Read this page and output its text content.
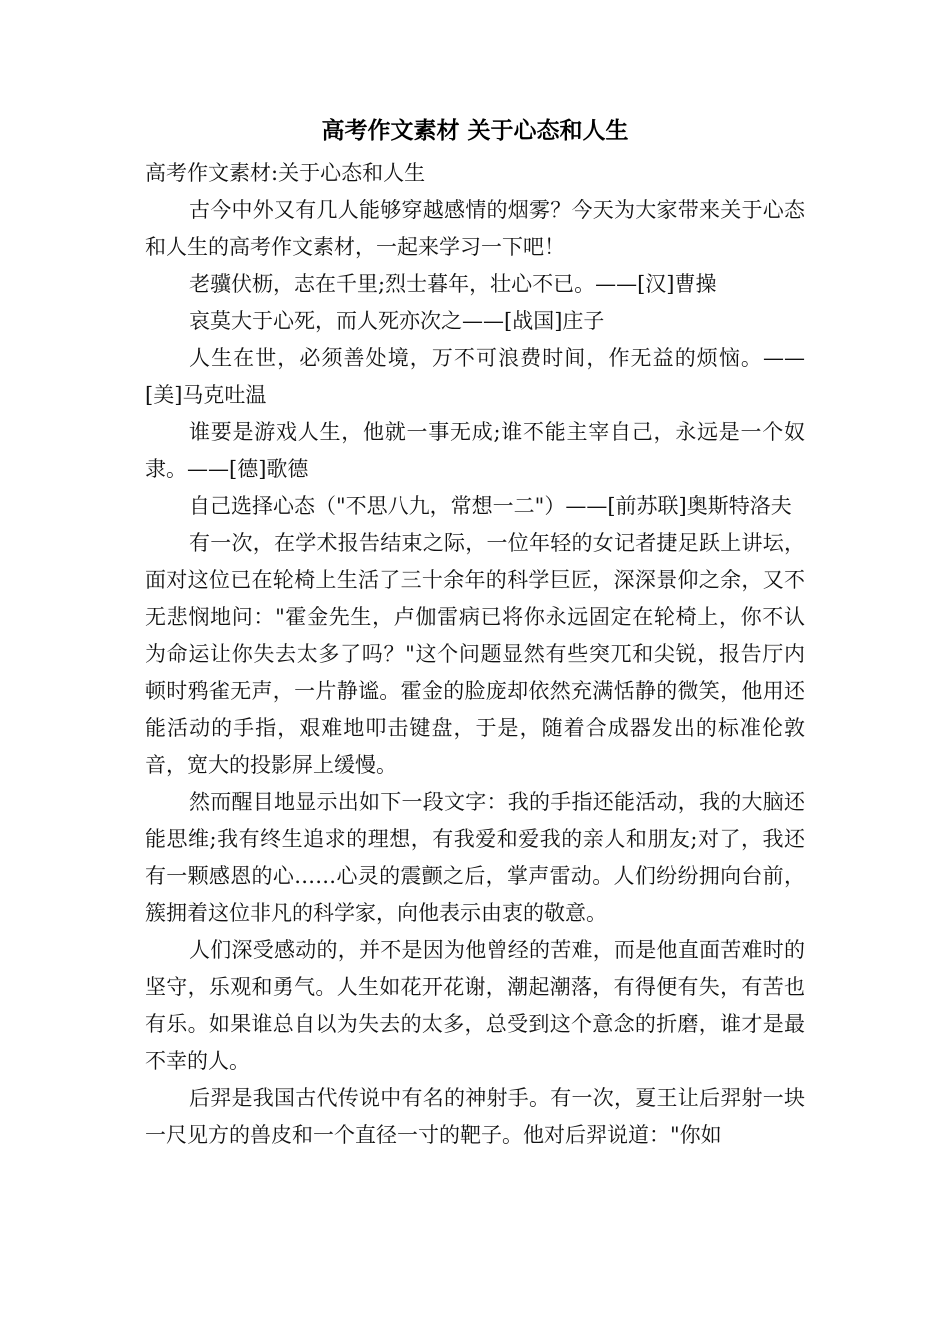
高考作文素材 关于心态和人生

高考作文素材:关于心态和人生

古今中外又有几人能够穿越感情的烟雾？今天为大家带来关于心态和人生的高考作文素材，一起来学习一下吧！

老骥伏枥，志在千里;烈士暮年，壮心不已。——[汉]曹操

哀莫大于心死，而人死亦次之——[战国]庄子

人生在世，必须善处境，万不可浪费时间，作无益的烦恼。——[美]马克吐温

谁要是游戏人生，他就一事无成;谁不能主宰自己，永远是一个奴隶。——[德]歌德

自己选择心态（"不思八九，常想一二"）——[前苏联]奥斯特洛夫

有一次，在学术报告结束之际，一位年轻的女记者捷足跃上讲坛，面对这位已在轮椅上生活了三十余年的科学巨匠，深深景仰之余，又不无悲悯地问："霍金先生，卢伽雷病已将你永远固定在轮椅上，你不认为命运让你失去太多了吗？"这个问题显然有些突兀和尖锐，报告厅内顿时鸦雀无声，一片静谧。霍金的脸庞却依然充满恬静的微笑，他用还能活动的手指，艰难地叩击键盘，于是，随着合成器发出的标准伦敦音，宽大的投影屏上缓慢。

然而醒目地显示出如下一段文字：我的手指还能活动，我的大脑还能思维;我有终生追求的理想，有我爱和爱我的亲人和朋友;对了，我还有一颗感恩的心……心灵的震颤之后，掌声雷动。人们纷纷拥向台前，簇拥着这位非凡的科学家，向他表示由衷的敬意。

人们深受感动的，并不是因为他曾经的苦难，而是他直面苦难时的坚守，乐观和勇气。人生如花开花谢，潮起潮落，有得便有失，有苦也有乐。如果谁总自以为失去的太多，总受到这个意念的折磨，谁才是最不幸的人。

后羿是我国古代传说中有名的神射手。有一次，夏王让后羿射一块一尺见方的兽皮和一个直径一寸的靶子。他对后羿说道："你如
